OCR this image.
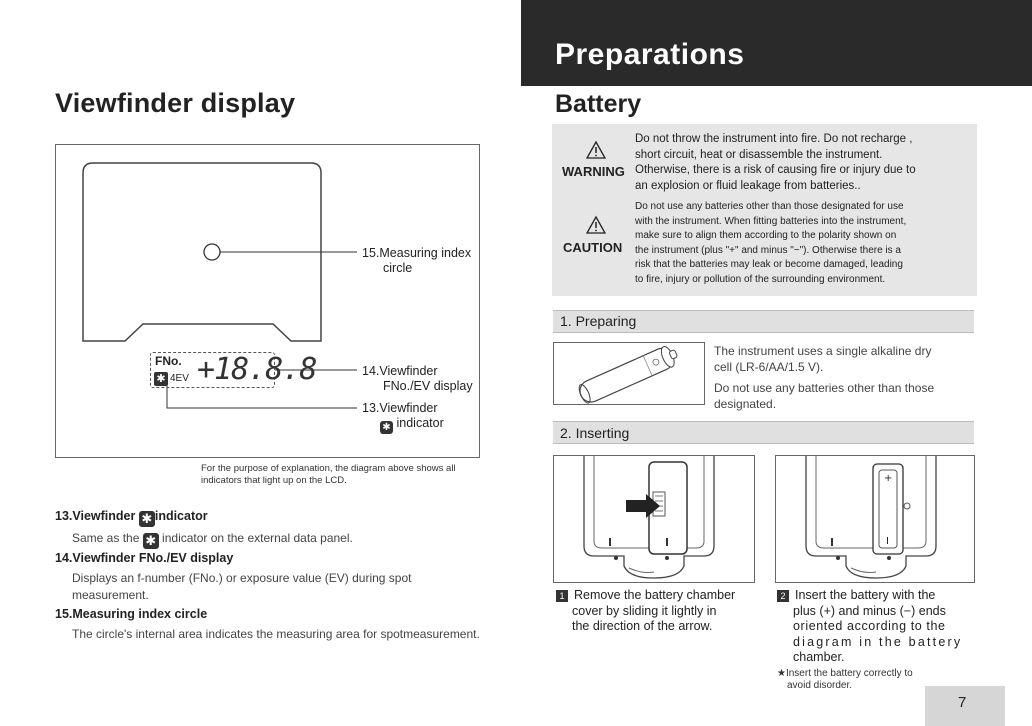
Viewfinder display
15.Measuring index
circle
FNo.
✱ 4EV +18.8.8	14.Viewfinder
FNo./EV display
13.Viewfinder
✱ indicator
For the purpose of explanation, the diagram above shows all indicators that light up on the LCD.
13.Viewfinder ✱ indicator
Same as the ✱ indicator on the external data panel.
14.Viewfinder FNo./EV display
Displays an f-number (FNo.) or exposure value (EV) during spot
measurement.
15.Measuring index circle
The circle's internal area indicates the measuring area for spotmeasurement.
Preparations
Battery
WARNING
Do not throw the instrument into fire. Do not recharge ,
short circuit, heat or disassemble the instrument.
Otherwise, there is a risk of causing fire or injury due to
an explosion or fluid leakage from batteries..
CAUTION
Do not use any batteries other than those designated for use
with the instrument. When fitting batteries into the instrument,
make sure to align them according to the polarity shown on
the instrument (plus "+" and minus "−"). Otherwise there is a
risk that the batteries may leak or become damaged, leading
to fire, injury or pollution of the surrounding environment.
1. Preparing
The instrument uses a single alkaline dry
cell (LR-6/AA/1.5 V).
Do not use any batteries other than those
designated.
2. Inserting
+
I
1 Remove the battery chamber
cover by sliding it lightly in
the direction of the arrow.
2 Insert the battery with the
plus (+) and minus (−) ends
oriented according to the
diagram in the battery
chamber.
★Insert the battery correctly to
avoid disorder.
7
